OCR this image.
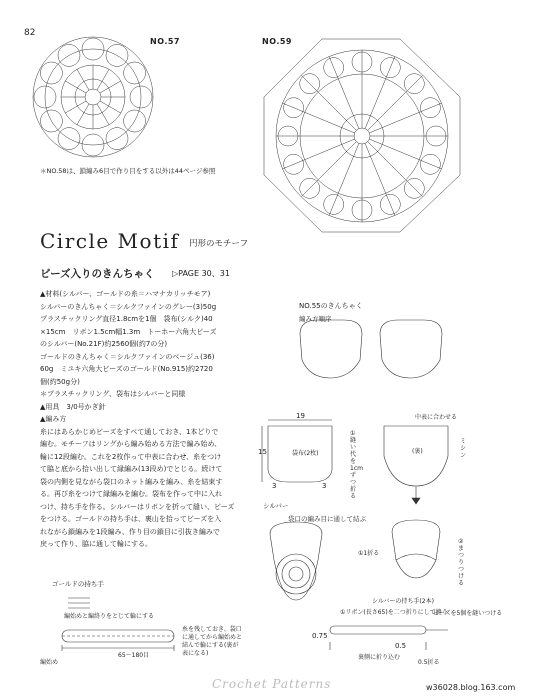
82
NO.57	NO.59
＊NO.58は、鎖編み6目で作り目をする以外は44ページ参照
Circle Motif 円形のモチーフ
ビーズ入りのきんちゃく ▷PAGE 30、31
▲材料(シルバー、ゴールドの糸＝ハマナカリッチモア)
シルバーのきんちゃく＝シルクファインのグレー(3)50g
プラスチックリング直径1.8cmを1個　袋布(シルク)40
×15cm　リボン1.5cm幅1.3m　トーホー六角大ビーズ
のシルバー(No.21F)約2560個(約7の分)
ゴールドのきんちゃく＝シルクファインのベージュ(36)
60g　ミユキ六角大ビーズのゴールド(No.915)約2720
個(約50g分)
＊プラスチックリング、袋布はシルバーと同様
▲用具　3/0号かぎ針
▲編み方
糸にはあらかじめビーズをすべて通しておき、1本どりで
編む。モチーフはリングから編み始める方法で編み始め、
輪に12段編む。これを2枚作って中表に合わせ、糸をつけ
て脇と底から拾い出して縁編み(13段め)でとじる。続けて
袋の内側を見ながら袋口のネット編みを編み、糸を結束す
る。再び糸をつけて縁編みを編む。袋布を作って中に入れ
つけ、持ち手を作る。シルバーはリボンを折って縫い、ビーズ
をつける。ゴールドの持ち手は、裏山を拾ってビーズを入
れながら鎖編みを1段編み、作り目の鎖目に引抜き編みで
戻って作り、脇に通して輪にする。
ゴールドの持ち手
編始めと編終りをとじて輪にする
糸を残しておき、袋口に通してから編始めと結んで輪にする(裏が表になる)
編始め
65～180目
NO.55のきんちゃく
編み方順序
19
15
3	3
袋布(2枚)
①縫い代を1cmずつ折る
中表に合わせる
(裏)
ミシン
シルバー
袋口の編み目に通して結ぶ
①1折る
②まつりつける
シルバーの持ち手(2本)
①リボン(長さ65)を二つ折りにして縫う
ビーズを5個を縫いつける
0.75
裏側に折り込む
0.5
0.5折る
Crochet Patterns	w36028.blog.163.com
